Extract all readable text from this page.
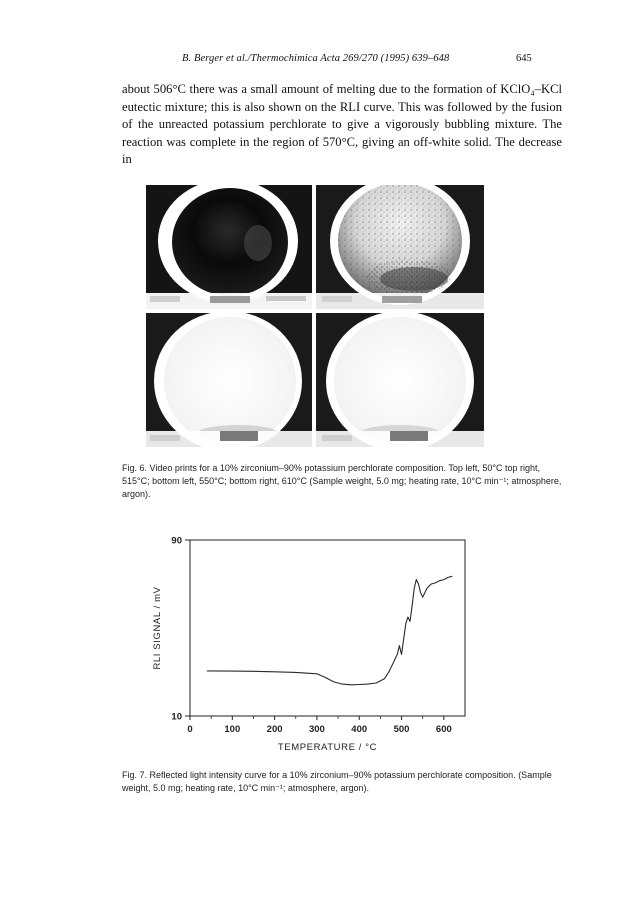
B. Berger et al./Thermochimica Acta 269/270 (1995) 639–648	645

about 506°C there was a small amount of melting due to the formation of KClO₄–KCl eutectic mixture; this is also shown on the RLI curve. This was followed by the fusion of the unreacted potassium perchlorate to give a vigorously bubbling mixture. The reaction was complete in the region of 570°C, giving an off-white solid. The decrease in

Fig. 6. Video prints for a 10% zirconium–90% potassium perchlorate composition. Top left, 50°C top right, 515°C; bottom left, 550°C; bottom right, 610°C (Sample weight, 5.0 mg; heating rate, 10°C min⁻¹; atmosphere, argon).
90
10
0	100	200	300	400	500	600
RLI SIGNAL / mV
TEMPERATURE / °C
Fig. 7. Reflected light intensity curve for a 10% zirconium–90% potassium perchlorate composition. (Sample weight, 5.0 mg; heating rate, 10°C min⁻¹; atmosphere, argon).
